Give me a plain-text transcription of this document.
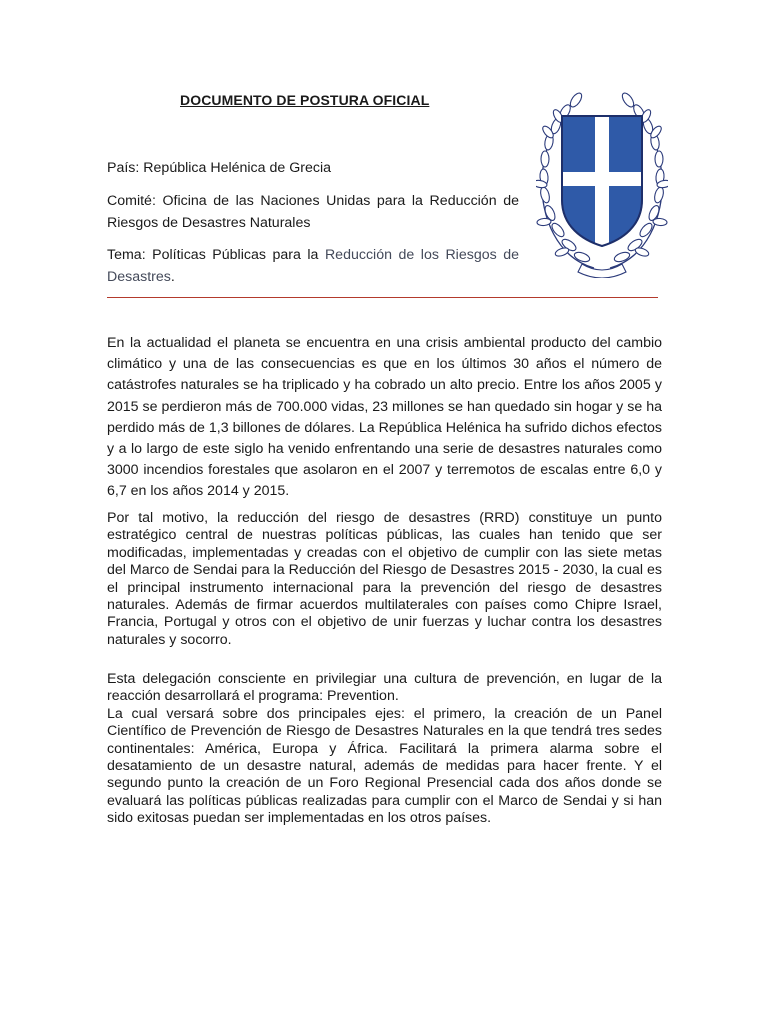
DOCUMENTO DE POSTURA OFICIAL
País: República Helénica de Grecia
Comité: Oficina de las Naciones Unidas para la Reducción de Riesgos de Desastres Naturales
Tema: Políticas Públicas para la Reducción de los Riesgos de Desastres.

En la actualidad el planeta se encuentra en una crisis ambiental producto del cambio climático y una de las consecuencias es que en los últimos 30 años el número de catástrofes naturales se ha triplicado y ha cobrado un alto precio. Entre los años 2005 y 2015 se perdieron más de 700.000 vidas, 23 millones se han quedado sin hogar y se ha perdido más de 1,3 billones de dólares. La República Helénica ha sufrido dichos efectos y a lo largo de este siglo ha venido enfrentando una serie de desastres naturales como 3000 incendios forestales que asolaron en el 2007 y terremotos de escalas entre 6,0 y 6,7 en los años 2014 y 2015.

Por tal motivo, la reducción del riesgo de desastres (RRD) constituye un punto estratégico central de nuestras políticas públicas, las cuales han tenido que ser modificadas, implementadas y creadas con el objetivo de cumplir con las siete metas del Marco de Sendai para la Reducción del Riesgo de Desastres 2015 - 2030, la cual es el principal instrumento internacional para la prevención del riesgo de desastres naturales. Además de firmar acuerdos multilaterales con países como Chipre Israel, Francia, Portugal y otros con el objetivo de unir fuerzas y luchar contra los desastres naturales y socorro.

Esta delegación consciente en privilegiar una cultura de prevención, en lugar de la reacción desarrollará el programa: Prevention.

La cual versará sobre dos principales ejes: el primero, la creación de un Panel Científico de Prevención de Riesgo de Desastres Naturales en la que tendrá tres sedes continentales: América, Europa y África. Facilitará la primera alarma sobre el desatamiento de un desastre natural, además de medidas para hacer frente. Y el segundo punto la creación de un Foro Regional Presencial cada dos años donde se evaluará las políticas públicas realizadas para cumplir con el Marco de Sendai y si han sido exitosas puedan ser implementadas en los otros países.
